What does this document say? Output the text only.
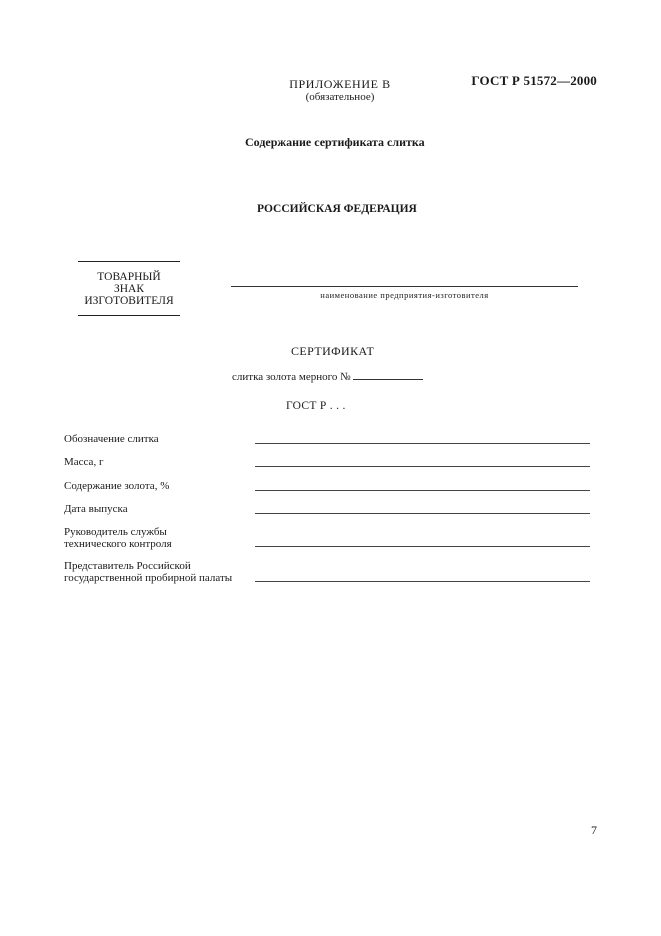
ГОСТ Р 51572—2000
ПРИЛОЖЕНИЕ В
(обязательное)
Содержание сертификата слитка
РОССИЙСКАЯ ФЕДЕРАЦИЯ
ТОВАРНЫЙ
ЗНАК
ИЗГОТОВИТЕЛЯ	наименование предприятия-изготовителя
СЕРТИФИКАТ
слитка золота мерного №
ГОСТ Р . . .
Обозначение слитка
Масса, г
Содержание золота, %
Дата выпуска
Руководитель службы
технического контроля
Представитель Российской
государственной пробирной палаты
7
